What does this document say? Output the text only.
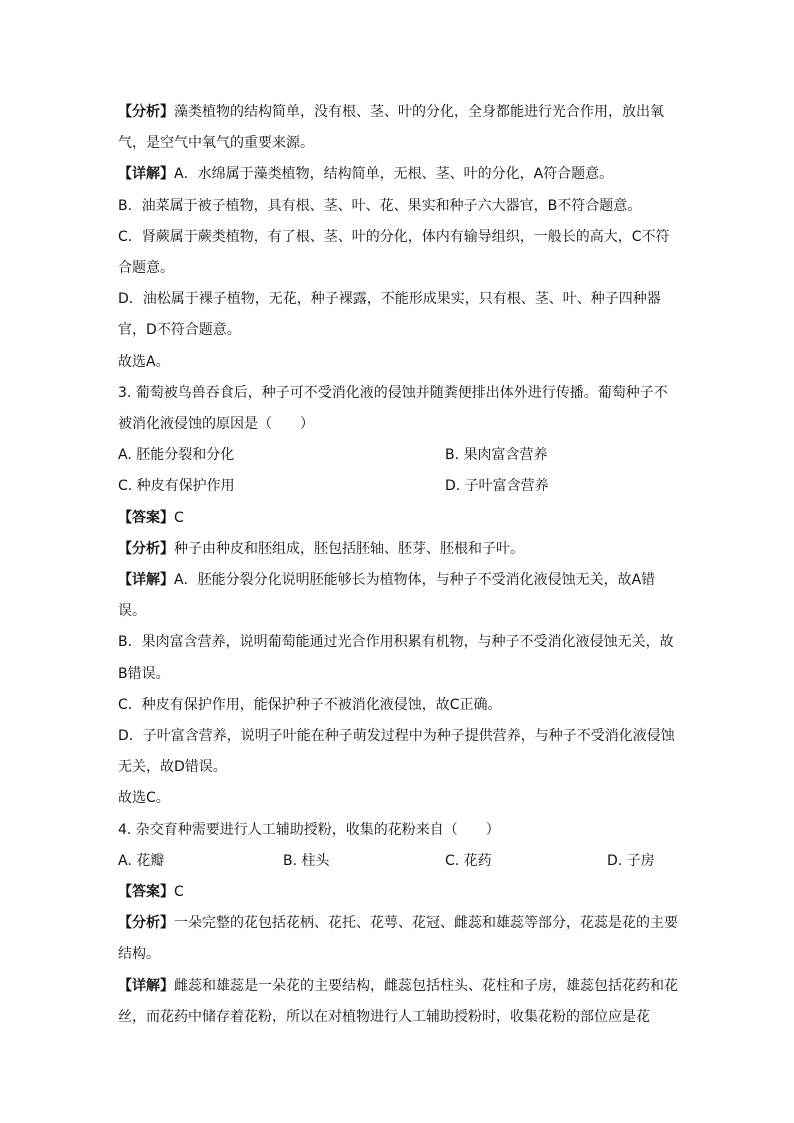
【分析】藻类植物的结构简单，没有根、茎、叶的分化，全身都能进行光合作用，放出氧气，是空气中氧气的重要来源。

【详解】A．水绵属于藻类植物，结构简单，无根、茎、叶的分化，A符合题意。

B．油菜属于被子植物，具有根、茎、叶、花、果实和种子六大器官，B不符合题意。

C．肾蕨属于蕨类植物，有了根、茎、叶的分化，体内有输导组织，一般长的高大，C不符合题意。

D．油松属于裸子植物，无花，种子裸露，不能形成果实，只有根、茎、叶、种子四种器官，D不符合题意。

故选A。

3. 葡萄被鸟兽吞食后，种子可不受消化液的侵蚀并随粪便排出体外进行传播。葡萄种子不被消化液侵蚀的原因是（　　）

A. 胚能分裂和分化	B. 果肉富含营养
C. 种皮有保护作用	D. 子叶富含营养

【答案】C

【分析】种子由种皮和胚组成，胚包括胚轴、胚芽、胚根和子叶。

【详解】A．胚能分裂分化说明胚能够长为植物体，与种子不受消化液侵蚀无关，故A错误。

B．果肉富含营养，说明葡萄能通过光合作用积累有机物，与种子不受消化液侵蚀无关，故B错误。

C．种皮有保护作用，能保护种子不被消化液侵蚀，故C正确。

D．子叶富含营养，说明子叶能在种子萌发过程中为种子提供营养，与种子不受消化液侵蚀无关，故D错误。

故选C。

4. 杂交育种需要进行人工辅助授粉，收集的花粉来自（　　）

A. 花瓣	B. 柱头	C. 花药	D. 子房

【答案】C

【分析】一朵完整的花包括花柄、花托、花萼、花冠、雌蕊和雄蕊等部分，花蕊是花的主要结构。

【详解】雌蕊和雄蕊是一朵花的主要结构，雌蕊包括柱头、花柱和子房，雄蕊包括花药和花丝，而花药中储存着花粉，所以在对植物进行人工辅助授粉时，收集花粉的部位应是花
